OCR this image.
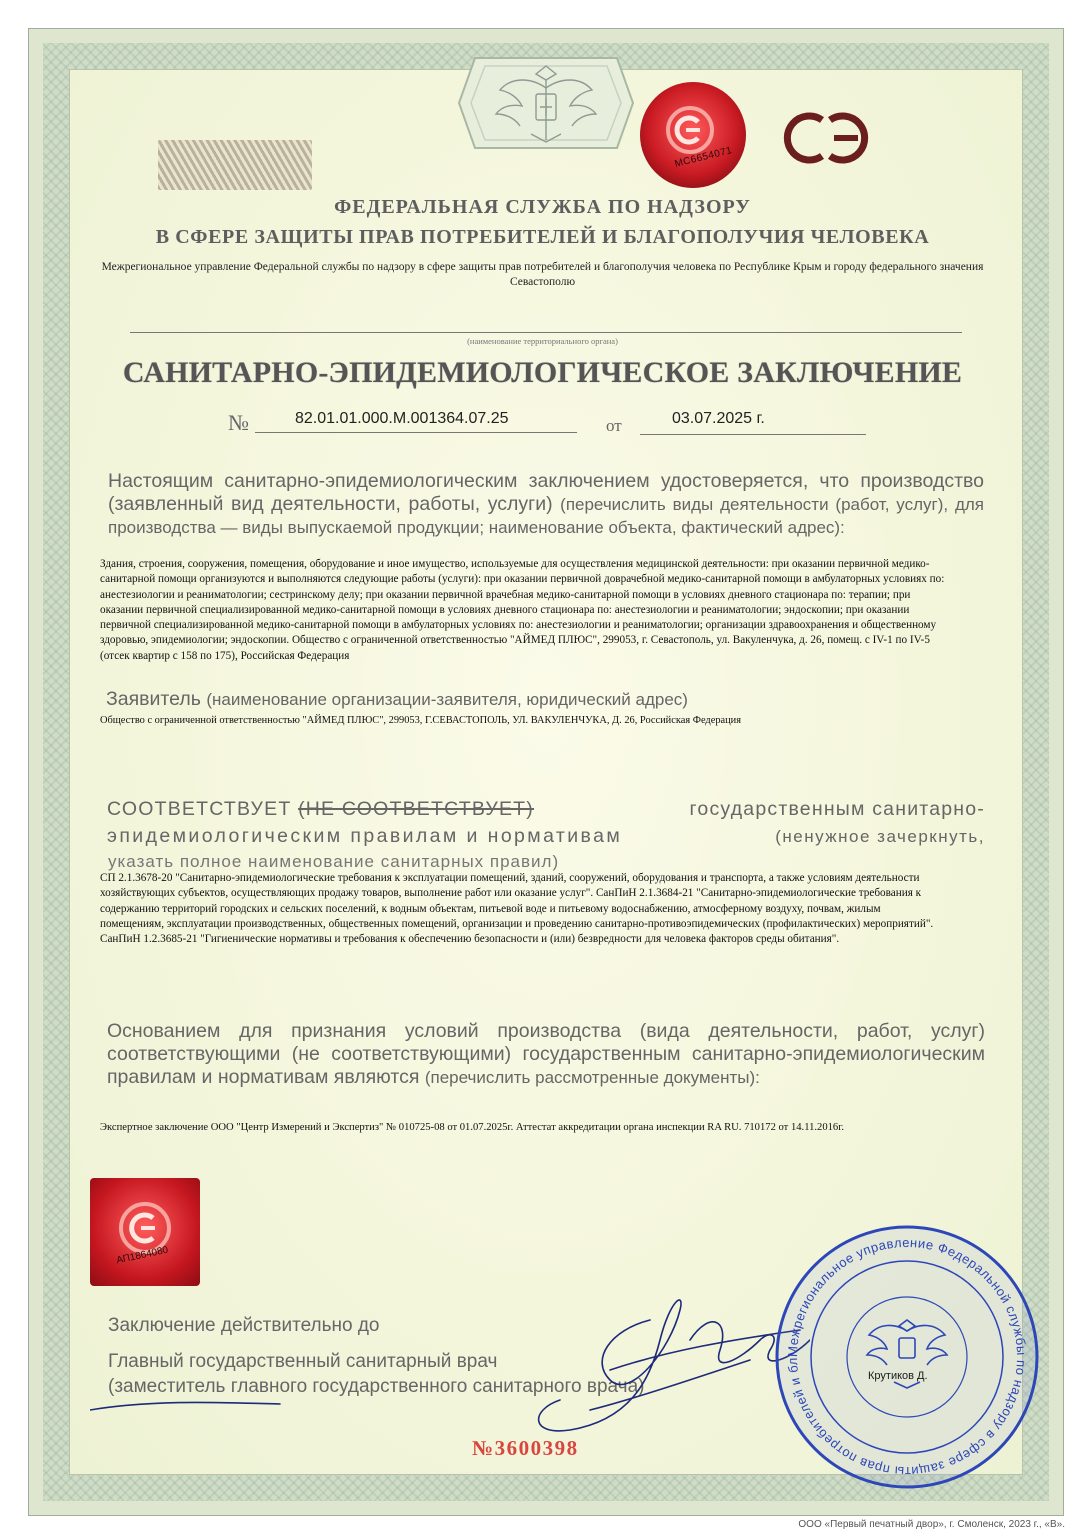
MC6654071
ФЕДЕРАЛЬНАЯ СЛУЖБА ПО НАДЗОРУ
В СФЕРЕ ЗАЩИТЫ ПРАВ ПОТРЕБИТЕЛЕЙ И БЛАГОПОЛУЧИЯ ЧЕЛОВЕКА
Межрегиональное управление Федеральной службы по надзору в сфере защиты прав потребителей и благополучия человека по Республике Крым и городу федерального значения Севастополю
(наименование территориального органа)
САНИТАРНО-ЭПИДЕМИОЛОГИЧЕСКОЕ ЗАКЛЮЧЕНИЕ
№	82.01.01.000.М.001364.07.25	от	03.07.2025 г.
Настоящим санитарно-эпидемиологическим заключением удостоверяется, что производство (заявленный вид деятельности, работы, услуги) (перечислить виды деятельности (работ, услуг), для производства — виды выпускаемой продукции; наименование объекта, фактический адрес):
Здания, строения, сооружения, помещения, оборудование и иное имущество, используемые для осуществления медицинской деятельности: при оказании первичной медико-санитарной помощи организуются и выполняются следующие работы (услуги): при оказании первичной доврачебной медико-санитарной помощи в амбулаторных условиях по: анестезиологии и реаниматологии; сестринскому делу; при оказании первичной врачебная медико-санитарной помощи в условиях дневного стационара по: терапии; при оказании первичной специализированной медико-санитарной помощи в условиях дневного стационара по: анестезиологии и реаниматологии; эндоскопии; при оказании первичной специализированной медико-санитарной помощи в амбулаторных условиях по: анестезиологии и реаниматологии; организации здравоохранения и общественному здоровью, эпидемиологии; эндоскопии. Общество с ограниченной ответственностью "АЙМЕД ПЛЮС", 299053, г. Севастополь, ул. Вакуленчука, д. 26, помещ. с IV-1 по IV-5 (отсек квартир с 158 по 175), Российская Федерация
Заявитель (наименование организации-заявителя, юридический адрес)
Общество с ограниченной ответственностью "АЙМЕД ПЛЮС", 299053, Г.СЕВАСТОПОЛЬ, УЛ. ВАКУЛЕНЧУКА, Д. 26, Российская Федерация
СООТВЕТСТВУЕТ (НЕ СООТВЕТСТВУЕТ)	государственным санитарно-
эпидемиологическим правилам и нормативам	(ненужное зачеркнуть,
указать полное наименование санитарных правил)
СП 2.1.3678-20 "Санитарно-эпидемиологические требования к эксплуатации помещений, зданий, сооружений, оборудования и транспорта, а также условиям деятельности хозяйствующих субъектов, осуществляющих продажу товаров, выполнение работ или оказание услуг". СанПиН 2.1.3684-21 "Санитарно-эпидемиологические требования к содержанию территорий городских и сельских поселений, к водным объектам, питьевой воде и питьевому водоснабжению, атмосферному воздуху, почвам, жилым помещениям, эксплуатации производственных, общественных помещений, организации и проведению санитарно-противоэпидемических (профилактических) мероприятий". СанПиН 1.2.3685-21 "Гигиенические нормативы и требования к обеспечению безопасности и (или) безвредности для человека факторов среды обитания".
Основанием для признания условий производства (вида деятельности, работ, услуг) соответствующими (не соответствующими) государственным санитарно-эпидемиологическим правилам и нормативам являются (перечислить рассмотренные документы):
Экспертное заключение ООО "Центр Измерений и Экспертиз" № 010725-08 от 01.07.2025г. Аттестат аккредитации органа инспекции RA RU. 710172 от 14.11.2016г.
АП1864080
Заключение действительно до
Главный государственный санитарный врач
(заместитель главного государственного санитарного врача)
Межрегиональное управление Федеральной службы по надзору в сфере защиты прав потребителей и бл
Крутиков Д.
№3600398
ООО «Первый печатный двор», г. Смоленск, 2023 г., «В».
